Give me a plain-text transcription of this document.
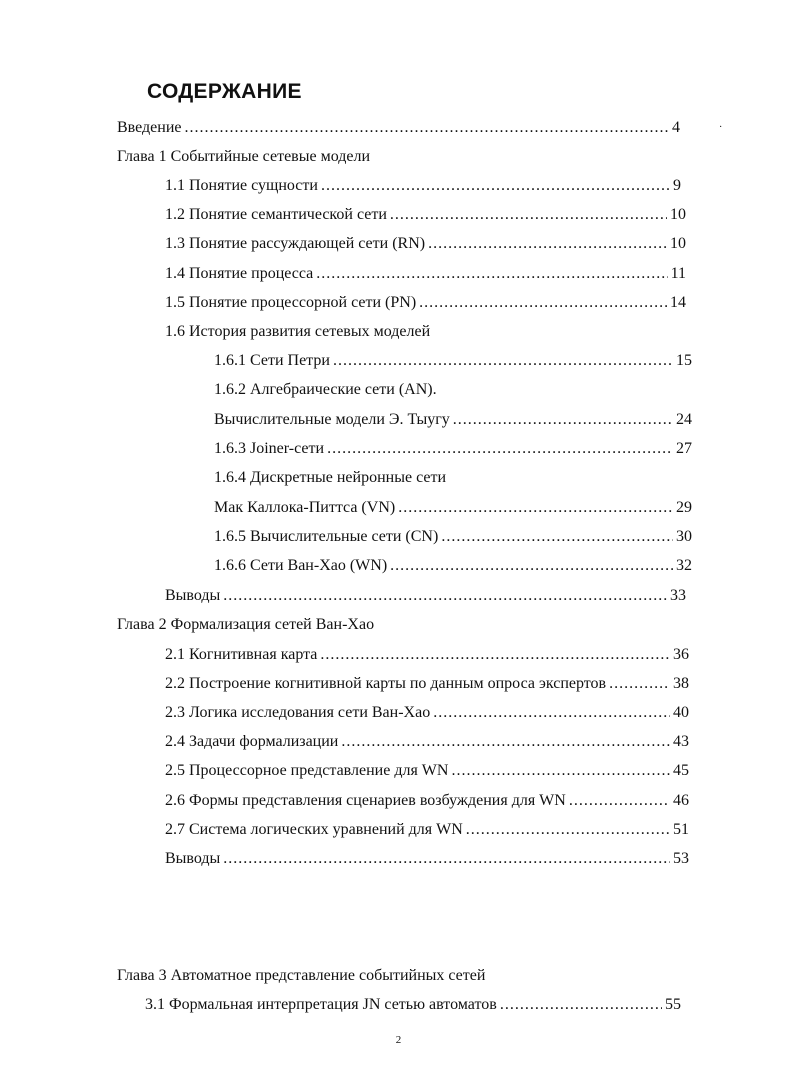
СОДЕРЖАНИЕ
·
Введение .....	4
Глава 1 Событийные сетевые модели
1.1 Понятие сущности .....	9
1.2 Понятие семантической сети .....	10
1.3 Понятие рассуждающей сети (RN) .....	10
1.4 Понятие процесса .....	11
1.5 Понятие процессорной сети (PN) .....	14
1.6 История развития сетевых моделей
1.6.1 Сети Петри .....	15
1.6.2 Алгебраические сети (AN).
Вычислительные модели Э. Тыугу .....	24
1.6.3 Joiner-сети .....	27
1.6.4 Дискретные нейронные сети
Мак Каллока-Питтса (VN) .....	29
1.6.5 Вычислительные сети (CN) .....	30
1.6.6 Сети Ван-Хао (WN) .....	32
Выводы .....	33
Глава 2 Формализация сетей Ван-Хао
2.1 Когнитивная карта .....	36
2.2 Построение когнитивной карты по данным опроса экспертов .....	38
2.3 Логика исследования сети Ван-Хао .....	40
2.4 Задачи формализации .....	43
2.5 Процессорное представление для WN .....	45
2.6 Формы представления сценариев возбуждения для WN .....	46
2.7 Система логических уравнений для WN .....	51
Выводы .....	53
Глава 3 Автоматное представление событийных сетей
3.1 Формальная интерпретация JN сетью автоматов .....	55
2
